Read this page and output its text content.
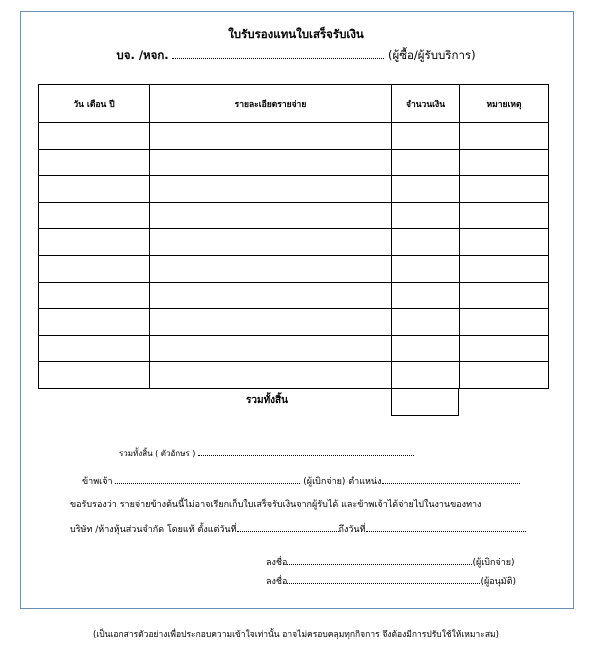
ใบรับรองแทนใบเสร็จรับเงิน
บจ. /หจก.	(ผู้ซื้อ/ผู้รับบริการ)
วัน เดือน ปี	รายละเอียดรายจ่าย	จำนวนเงิน	หมายเหตุ

รวมทั้งสิ้น
รวมทั้งสิ้น ( ตัวอักษร )
ข้าพเจ้า	(ผู้เบิกจ่าย) ตำแหน่ง
ขอรับรองว่า รายจ่ายข้างต้นนี้ไม่อาจเรียกเก็บใบเสร็จรับเงินจากผู้รับได้ และข้าพเจ้าได้จ่ายไปในงานของทาง
บริษัท /ห้างหุ้นส่วนจำกัด โดยแท้ ตั้งแต่วันที่	ถึงวันที่
ลงชื่อ	(ผู้เบิกจ่าย)
ลงชื่อ	(ผู้อนุมัติ)
(เป็นเอกสารตัวอย่างเพื่อประกอบความเข้าใจเท่านั้น อาจไม่ครอบคลุมทุกกิจการ จึงต้องมีการปรับใช้ให้เหมาะสม)
